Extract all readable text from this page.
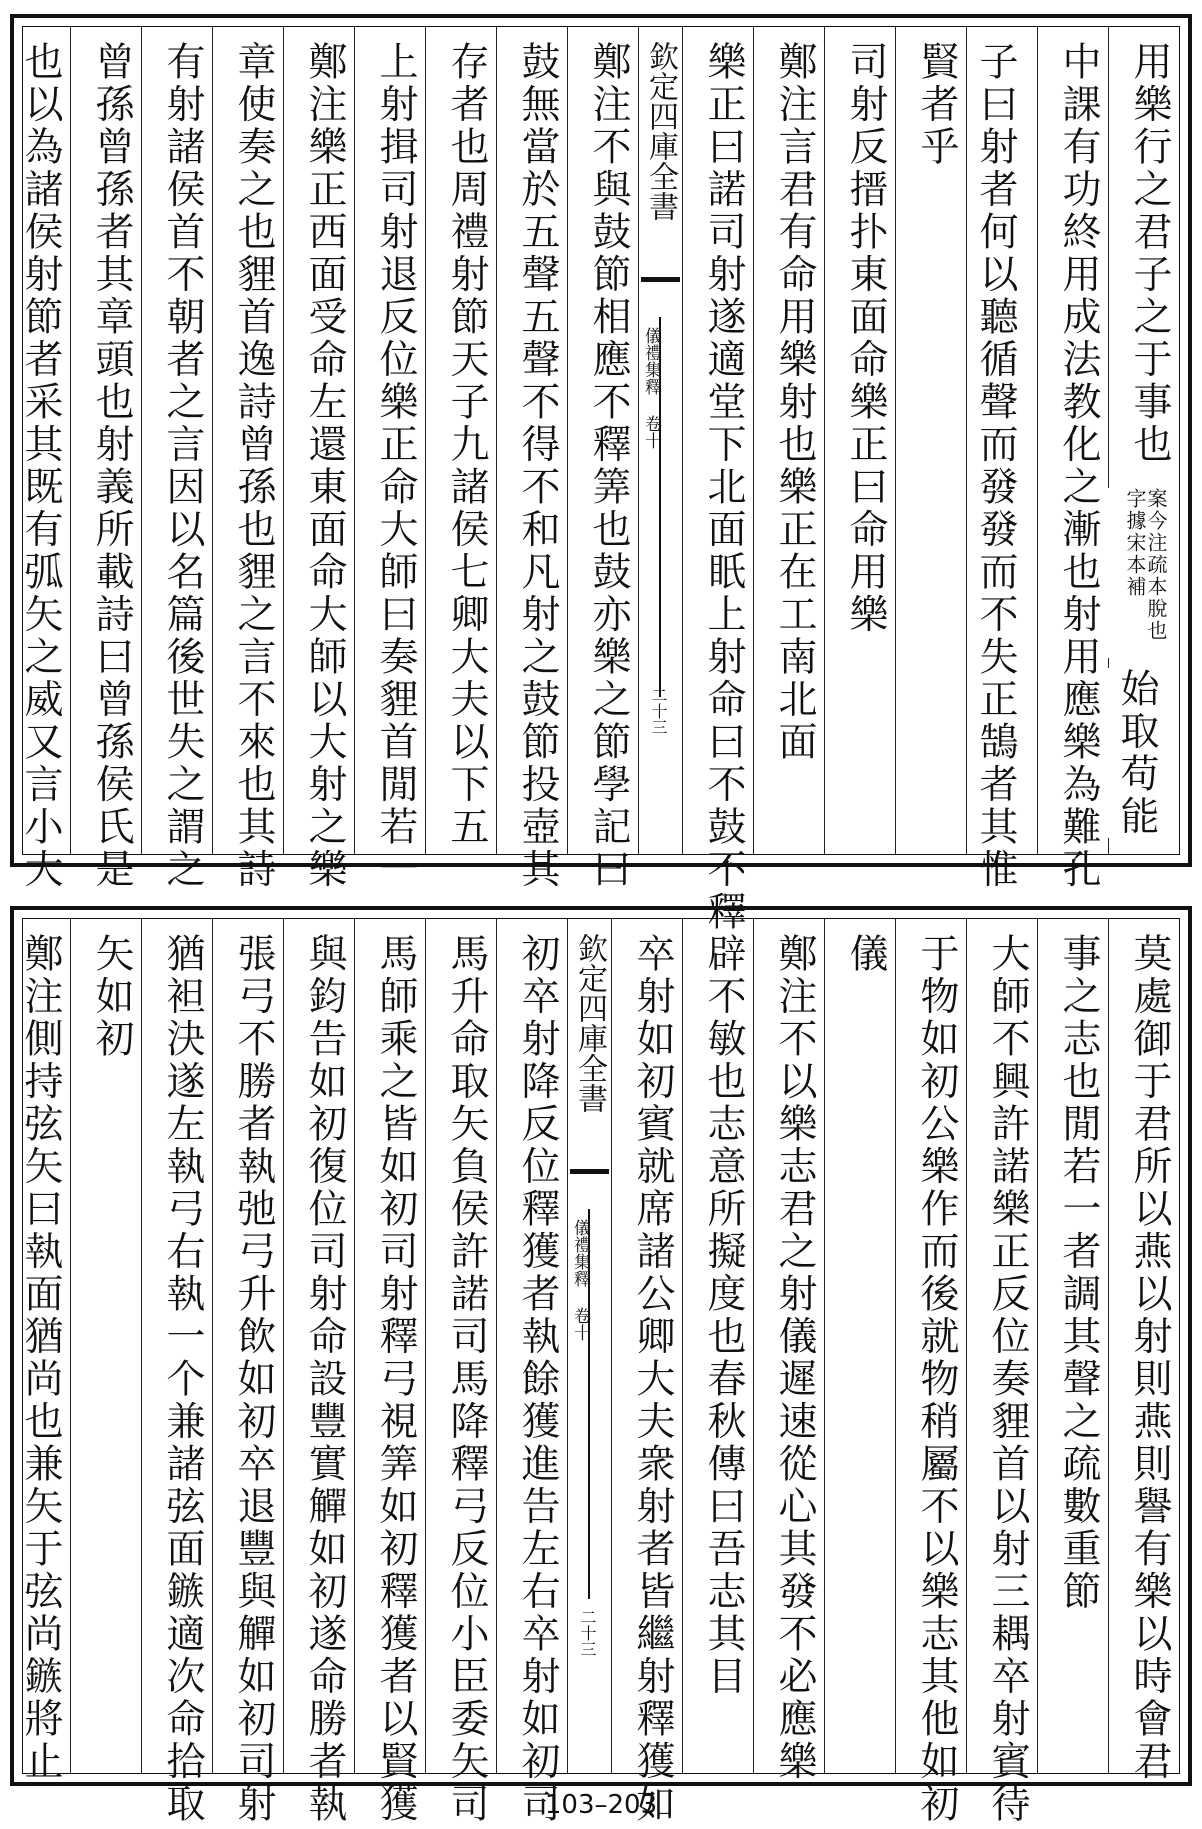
用樂行之君子之于事也
中課有功終用成法教化之漸也射用應樂為難孔
子曰射者何以聽循聲而發發而不失正鵠者其惟
賢者乎
司射反搢扑東面命樂正曰命用樂
鄭注言君有命用樂射也樂正在工南北面
樂正曰諾司射遂適堂下北面眂上射命曰不鼓不釋
欽定四庫全書
儀禮集釋 卷十
二十三
鄭注不與鼓節相應不釋筭也鼓亦樂之節學記曰
鼓無當於五聲五聲不得不和凡射之鼓節投壺其
存者也周禮射節天子九諸侯七卿大夫以下五
上射揖司射退反位樂正命大師曰奏貍首閒若一
鄭注樂正西面受命左還東面命大師以大射之樂
章使奏之也貍首逸詩曾孫也貍之言不來也其詩
有射諸侯首不朝者之言因以名篇後世失之謂之
曾孫曾孫者其章頭也射義所載詩曰曾孫侯氏是
也以為諸侯射節者采其既有弧矢之威又言小大	案今注疏本脫也字據宋本補
始取苟能
莫處御于君所以燕以射則燕則譽有樂以時會君
事之志也閒若一者調其聲之疏數重節
大師不興許諾樂正反位奏貍首以射三耦卒射賓待
于物如初公樂作而後就物稍屬不以樂志其他如初
儀
鄭注不以樂志君之射儀遲速從心其發不必應樂
辟不敏也志意所擬度也春秋傳曰吾志其目
卒射如初賓就席諸公卿大夫衆射者皆繼射釋獲如
欽定四庫全書
儀禮集釋 卷十
二十三
初卒射降反位釋獲者執餘獲進告左右卒射如初司
馬升命取矢負侯許諾司馬降釋弓反位小臣委矢司
馬師乘之皆如初司射釋弓視筭如初釋獲者以賢獲
與鈞告如初復位司射命設豐實觶如初遂命勝者執
張弓不勝者執弛弓升飲如初卒退豐與觶如初司射
猶袒決遂左執弓右執一个兼諸弦面鏃適次命拾取
矢如初
鄭注側持弦矢曰執面猶尚也兼矢于弦尚鏃將止
103–203
